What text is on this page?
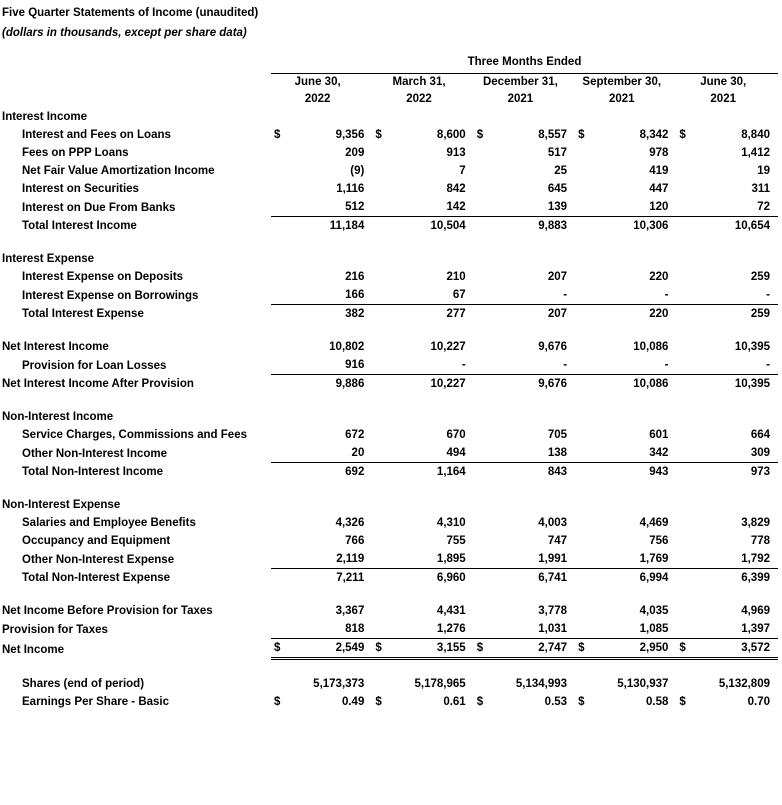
Five Quarter Statements of Income (unaudited)
(dollars in thousands, except per share data)
	Three Months Ended									
	June 30,		March 31,		December 31,		September 30,		June 30,	
	2022		2022		2021		2021		2021	
Interest Income										
Interest and Fees on Loans	$	9,356	$	8,600	$	8,557	$	8,342	$	8,840
Fees on PPP Loans		209		913		517		978		1,412
Net Fair Value Amortization Income		(9)		7		25		419		19
Interest on Securities		1,116		842		645		447		311
Interest on Due From Banks		512		142		139		120		72
Total Interest Income		11,184		10,504		9,883		10,306		10,654

Interest Expense										
Interest Expense on Deposits		216		210		207		220		259
Interest Expense on Borrowings		166		67		-		-		-
Total Interest Expense		382		277		207		220		259

Net Interest Income		10,802		10,227		9,676		10,086		10,395
Provision for Loan Losses		916		-		-		-		-
Net Interest Income After Provision		9,886		10,227		9,676		10,086		10,395

Non-Interest Income										
Service Charges, Commissions and Fees		672		670		705		601		664
Other Non-Interest Income		20		494		138		342		309
Total Non-Interest Income		692		1,164		843		943		973

Non-Interest Expense										
Salaries and Employee Benefits		4,326		4,310		4,003		4,469		3,829
Occupancy and Equipment		766		755		747		756		778
Other Non-Interest Expense		2,119		1,895		1,991		1,769		1,792
Total Non-Interest Expense		7,211		6,960		6,741		6,994		6,399

Net Income Before Provision for Taxes		3,367		4,431		3,778		4,035		4,969
Provision for Taxes		818		1,276		1,031		1,085		1,397
Net Income	$	2,549	$	3,155	$	2,747	$	2,950	$	3,572

Shares (end of period)		5,173,373		5,178,965		5,134,993		5,130,937		5,132,809
Earnings Per Share - Basic	$	0.49	$	0.61	$	0.53	$	0.58	$	0.70
